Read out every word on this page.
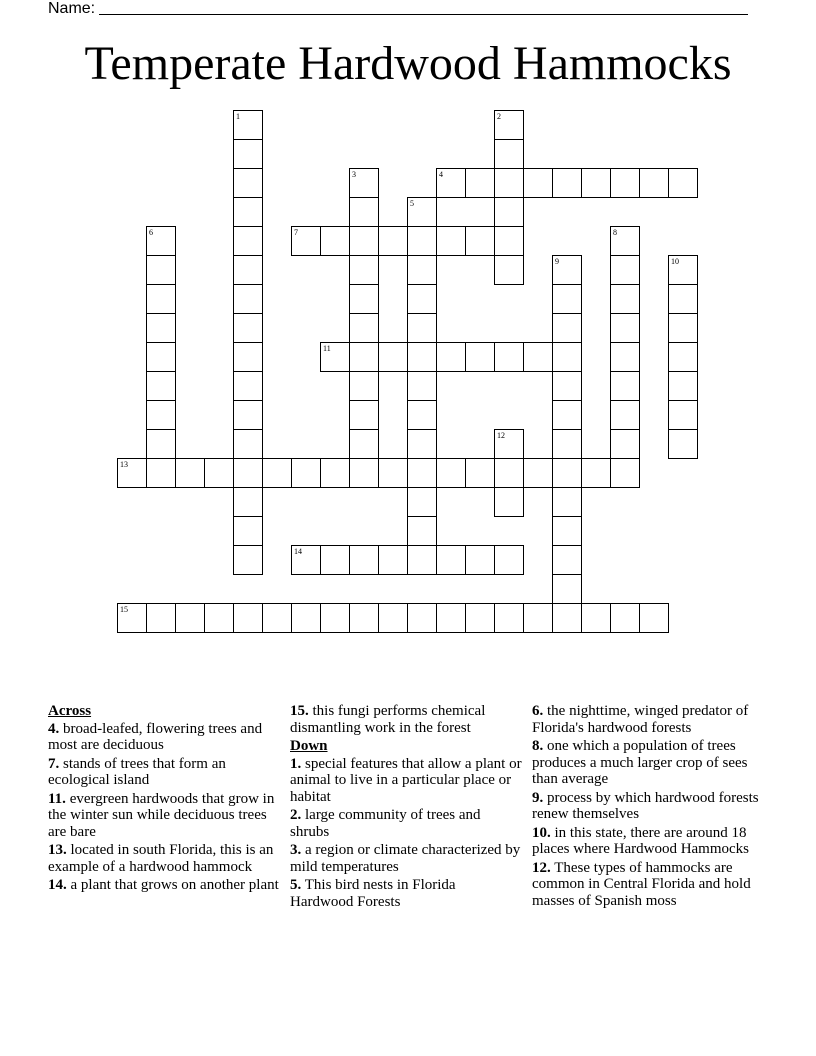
Name:
Temperate Hardwood Hammocks
1	2
3	4
5
6	7	8
9	10
11
12
13
14
15
Across
4. broad-leafed, flowering trees and most are deciduous
7. stands of trees that form an ecological island
11. evergreen hardwoods that grow in the winter sun while deciduous trees are bare
13. located in south Florida, this is an example of a hardwood hammock
14. a plant that grows on another plant
15. this fungi performs chemical dismantling work in the forest
Down
1. special features that allow a plant or animal to live in a particular place or habitat
2. large community of trees and shrubs
3. a region or climate characterized by mild temperatures
5. This bird nests in Florida Hardwood Forests
6. the nighttime, winged predator of Florida's hardwood forests
8. one which a population of trees produces a much larger crop of sees than average
9. process by which hardwood forests renew themselves
10. in this state, there are around 18 places where Hardwood Hammocks
12. These types of hammocks are common in Central Florida and hold masses of Spanish moss
